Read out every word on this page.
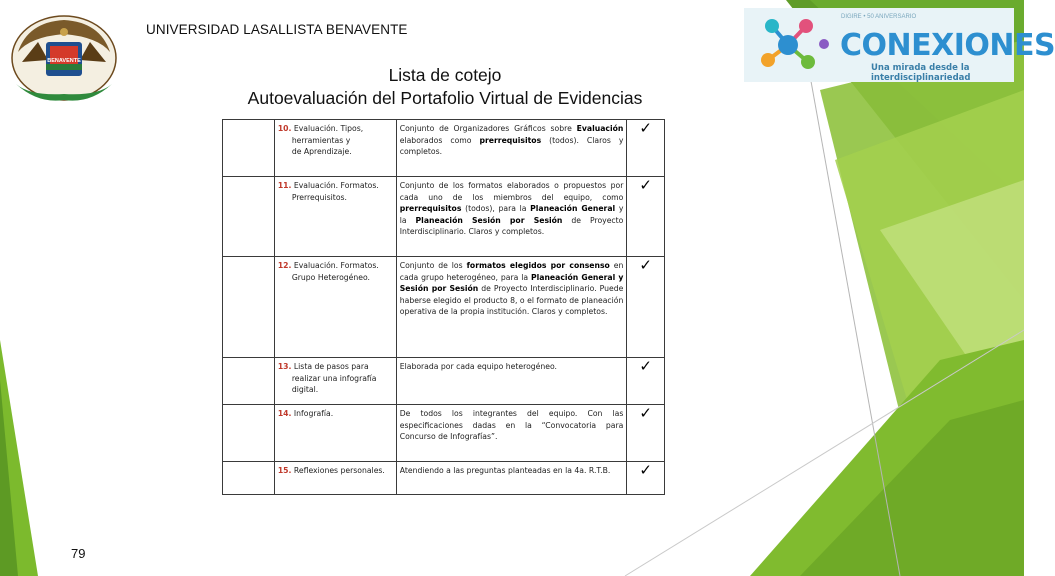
BENAVENTE
UNIVERSIDAD LASALLISTA BENAVENTE
DIGIRE • 50 ANIVERSARIO
CONEXIONES
Una mirada desde la interdisciplinariedad
Lista de cotejo
Autoevaluación del Portafolio Virtual de Evidencias
	10. Evaluación. Tipos,
herramientas y
de Aprendizaje.	Conjunto de Organizadores Gráficos sobre Evaluación elaborados como prerrequisitos (todos). Claros y completos.	✓
	11. Evaluación. Formatos.
Prerrequisitos.	Conjunto de los formatos elaborados o propuestos por cada uno de los miembros del equipo, como prerrequisitos (todos), para la Planeación General y la Planeación Sesión por Sesión de Proyecto Interdisciplinario. Claros y completos.	✓
	12. Evaluación. Formatos.
Grupo Heterogéneo.	Conjunto de los formatos elegidos por consenso en cada grupo heterogéneo, para la Planeación General y Sesión por Sesión de Proyecto Interdisciplinario. Puede haberse elegido el producto 8, o el formato de planeación operativa de la propia institución. Claros y completos.	✓
	13. Lista de pasos para
realizar una infografía
digital.	Elaborada por cada equipo heterogéneo.	✓
	14. Infografía.	De todos los integrantes del equipo. Con las especificaciones dadas en la “Convocatoria para Concurso de Infografías”.	✓
	15. Reflexiones personales.	Atendiendo a las preguntas planteadas en la 4a. R.T.B.	✓
79
